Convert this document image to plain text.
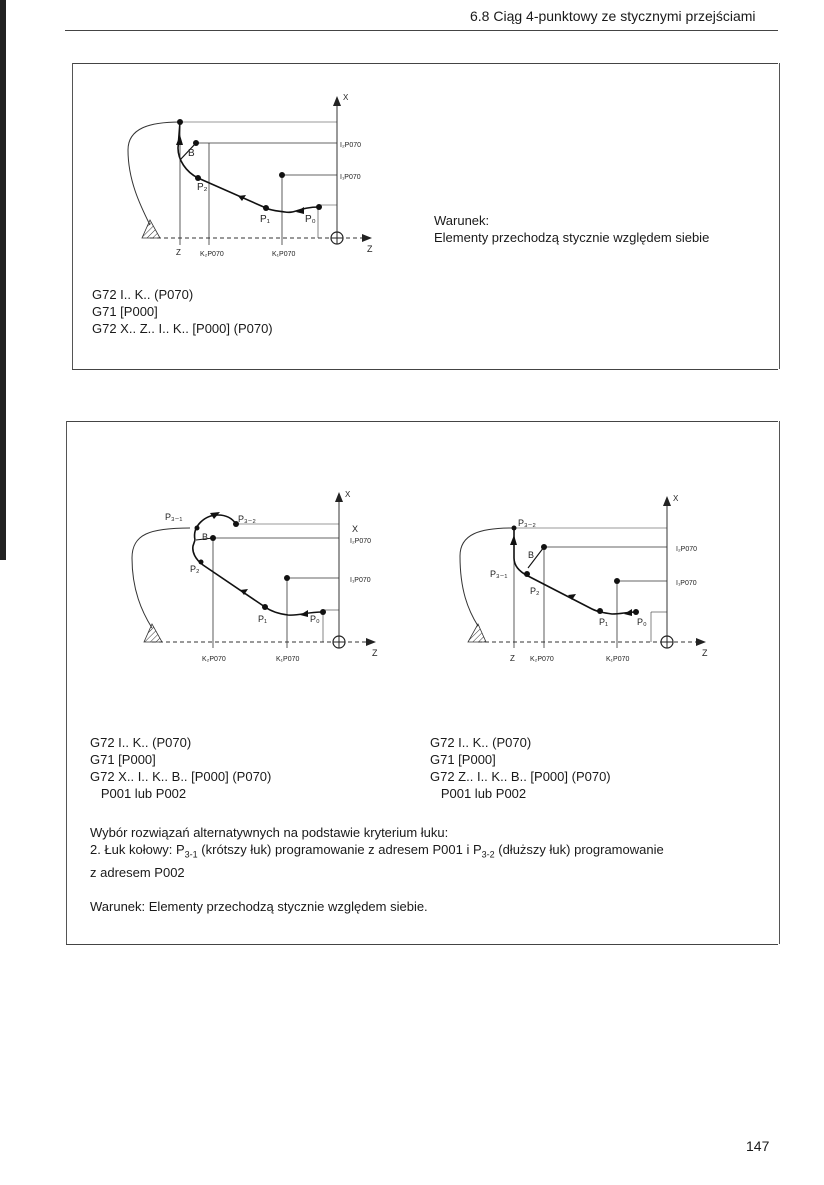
6.8 Ciąg 4-punktowy ze stycznymi przejściami
B
P₂
P₁	P₀
I₂P070
I₁P070
Z	K₂P070	K₁P070
Z
X
Warunek:
Elementy przechodzą stycznie względem siebie
G72 I.. K.. (P070)
G71 [P000]
G72 X.. Z.. I.. K.. [P000] (P070)
P₃₋₁	P₃₋₂
B
P₂
P₁	P₀
X
I₂P070
I₁P070
K₂P070	K₁P070
Z
X
P₃₋₂
B
P₃₋₁
P₂
P₁	P₀
I₂P070
I₁P070
Z K₂P070	K₁P070
Z
X
G72 I.. K.. (P070)
G71 [P000]
G72 X.. I.. K.. B.. [P000] (P070)
P001 lub P002
G72 I.. K.. (P070)
G71 [P000]
G72 Z.. I.. K.. B.. [P000] (P070)
P001 lub P002
Wybór rozwiązań alternatywnych na podstawie kryterium łuku:
2. Łuk kołowy: $P_{3-1}$ (krótszy łuk) programowanie z adresem P001 i $P_{3-2}$ (dłuższy łuk) programowanie
z adresem P002
Warunek: Elementy przechodzą stycznie względem siebie.
147
